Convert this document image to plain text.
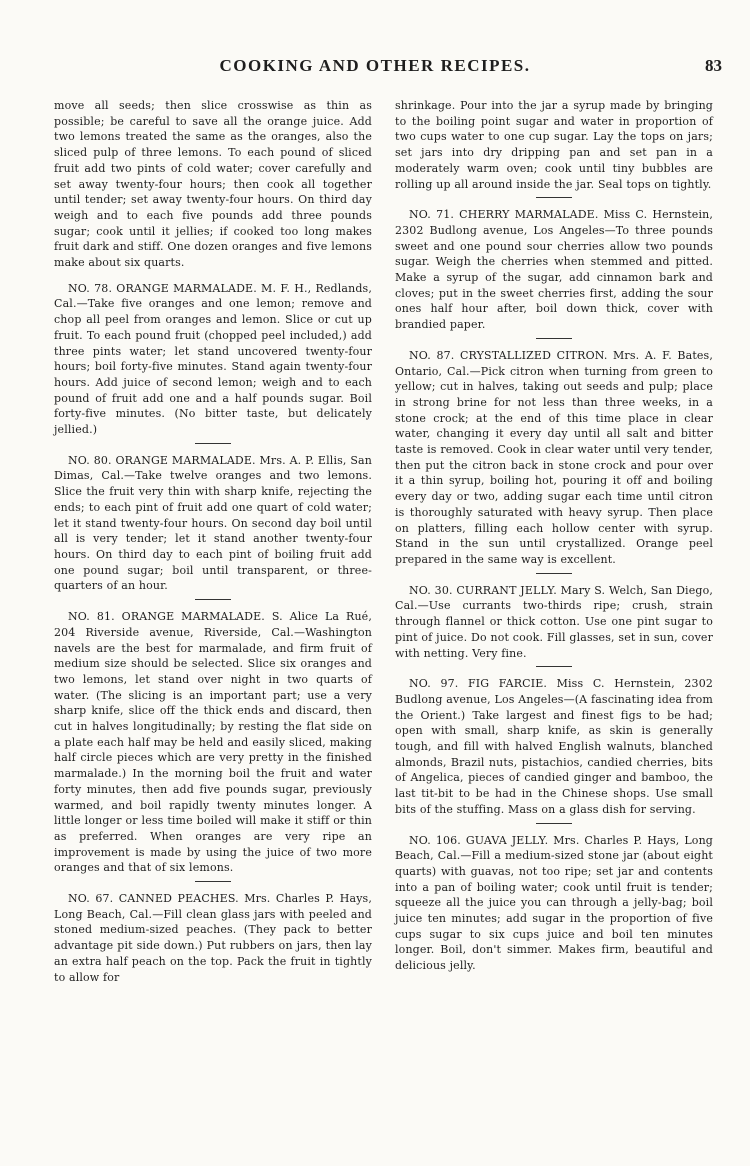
COOKING AND OTHER RECIPES.	83

move all seeds; then slice crosswise as thin as possible; be careful to save all the orange juice. Add two lemons treated the same as the oranges, also the sliced pulp of three lemons. To each pound of sliced fruit add two pints of cold water; cover carefully and set away twenty-four hours; then cook all together until tender; set away twenty-four hours. On third day weigh and to each five pounds add three pounds sugar; cook until it jellies; if cooked too long makes fruit dark and stiff. One dozen oranges and five lemons make about six quarts.

NO. 78. ORANGE MARMALADE. M. F. H., Redlands, Cal.—Take five oranges and one lemon; remove and chop all peel from oranges and lemon. Slice or cut up fruit. To each pound fruit (chopped peel included,) add three pints water; let stand uncovered twenty-four hours; boil forty-five minutes. Stand again twenty-four hours. Add juice of second lemon; weigh and to each pound of fruit add one and a half pounds sugar. Boil forty-five minutes. (No bitter taste, but delicately jellied.)

NO. 80. ORANGE MARMALADE. Mrs. A. P. Ellis, San Dimas, Cal.—Take twelve oranges and two lemons. Slice the fruit very thin with sharp knife, rejecting the ends; to each pint of fruit add one quart of cold water; let it stand twenty-four hours. On second day boil until all is very tender; let it stand another twenty-four hours. On third day to each pint of boiling fruit add one pound sugar; boil until transparent, or three-quarters of an hour.

NO. 81. ORANGE MARMALADE. S. Alice La Rué, 204 Riverside avenue, Riverside, Cal.—Washington navels are the best for marmalade, and firm fruit of medium size should be selected. Slice six oranges and two lemons, let stand over night in two quarts of water. (The slicing is an important part; use a very sharp knife, slice off the thick ends and discard, then cut in halves longitudinally; by resting the flat side on a plate each half may be held and easily sliced, making half circle pieces which are very pretty in the finished marmalade.) In the morning boil the fruit and water forty minutes, then add five pounds sugar, previously warmed, and boil rapidly twenty minutes longer. A little longer or less time boiled will make it stiff or thin as preferred. When oranges are very ripe an improvement is made by using the juice of two more oranges and that of six lemons.

NO. 67. CANNED PEACHES. Mrs. Charles P. Hays, Long Beach, Cal.—Fill clean glass jars with peeled and stoned medium-sized peaches. (They pack to better advantage pit side down.) Put rubbers on jars, then lay an extra half peach on the top. Pack the fruit in tightly to allow for

shrinkage. Pour into the jar a syrup made by bringing to the boiling point sugar and water in proportion of two cups water to one cup sugar. Lay the tops on jars; set jars into dry dripping pan and set pan in a moderately warm oven; cook until tiny bubbles are rolling up all around inside the jar. Seal tops on tightly.

NO. 71. CHERRY MARMALADE. Miss C. Hernstein, 2302 Budlong avenue, Los Angeles—To three pounds sweet and one pound sour cherries allow two pounds sugar. Weigh the cherries when stemmed and pitted. Make a syrup of the sugar, add cinnamon bark and cloves; put in the sweet cherries first, adding the sour ones half hour after, boil down thick, cover with brandied paper.

NO. 87. CRYSTALLIZED CITRON. Mrs. A. F. Bates, Ontario, Cal.—Pick citron when turning from green to yellow; cut in halves, taking out seeds and pulp; place in strong brine for not less than three weeks, in a stone crock; at the end of this time place in clear water, changing it every day until all salt and bitter taste is removed. Cook in clear water until very tender, then put the citron back in stone crock and pour over it a thin syrup, boiling hot, pouring it off and boiling every day or two, adding sugar each time until citron is thoroughly saturated with heavy syrup. Then place on platters, filling each hollow center with syrup. Stand in the sun until crystallized. Orange peel prepared in the same way is excellent.

NO. 30. CURRANT JELLY. Mary S. Welch, San Diego, Cal.—Use currants two-thirds ripe; crush, strain through flannel or thick cotton. Use one pint sugar to pint of juice. Do not cook. Fill glasses, set in sun, cover with netting. Very fine.

NO. 97. FIG FARCIE. Miss C. Hernstein, 2302 Budlong avenue, Los Angeles—(A fascinating idea from the Orient.) Take largest and finest figs to be had; open with small, sharp knife, as skin is generally tough, and fill with halved English walnuts, blanched almonds, Brazil nuts, pistachios, candied cherries, bits of Angelica, pieces of candied ginger and bamboo, the last tit-bit to be had in the Chinese shops. Use small bits of the stuffing. Mass on a glass dish for serving.

NO. 106. GUAVA JELLY. Mrs. Charles P. Hays, Long Beach, Cal.—Fill a medium-sized stone jar (about eight quarts) with guavas, not too ripe; set jar and contents into a pan of boiling water; cook until fruit is tender; squeeze all the juice you can through a jelly-bag; boil juice ten minutes; add sugar in the proportion of five cups sugar to six cups juice and boil ten minutes longer. Boil, don't simmer. Makes firm, beautiful and delicious jelly.
